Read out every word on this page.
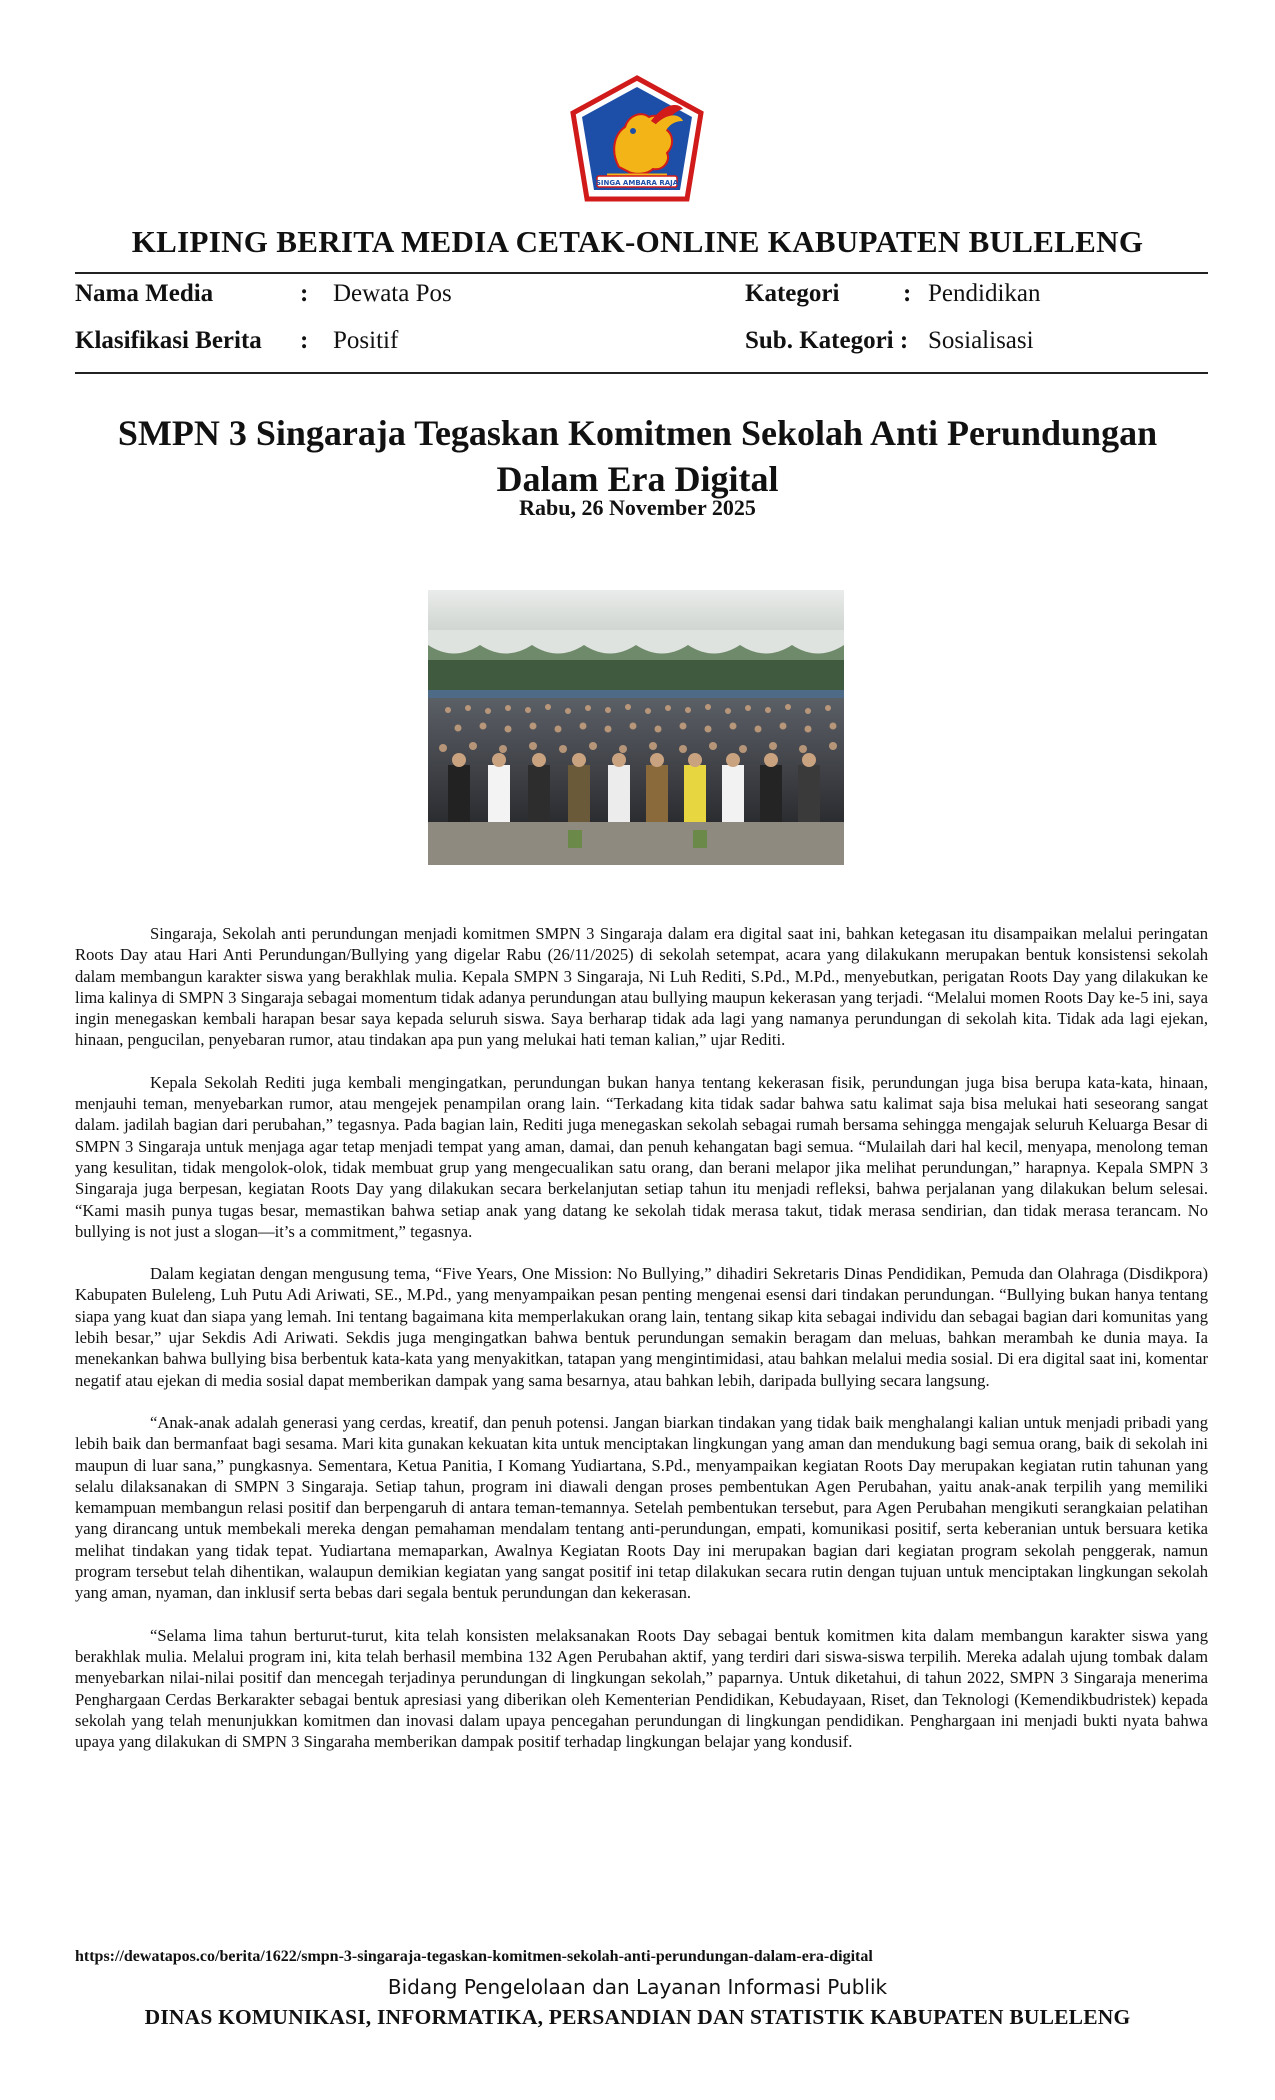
SINGA AMBARA RAJA
KLIPING BERITA MEDIA CETAK-ONLINE KABUPATEN BULELENG
Nama Media	: Dewata Pos
Klasifikasi Berita : Positif
Kategori	: Pendidikan
Sub. Kategori : Sosialisasi
SMPN 3 Singaraja Tegaskan Komitmen Sekolah Anti Perundungan Dalam Era Digital
Rabu, 26 November 2025

Singaraja, Sekolah anti perundungan menjadi komitmen SMPN 3 Singaraja dalam era digital saat ini, bahkan ketegasan itu disampaikan melalui peringatan Roots Day atau Hari Anti Perundungan/Bullying yang digelar Rabu (26/11/2025) di sekolah setempat, acara yang dilakukann merupakan bentuk konsistensi sekolah dalam membangun karakter siswa yang berakhlak mulia. Kepala SMPN 3 Singaraja, Ni Luh Rediti, S.Pd., M.Pd., menyebutkan, perigatan Roots Day yang dilakukan ke lima kalinya di SMPN 3 Singaraja sebagai momentum tidak adanya perundungan atau bullying maupun kekerasan yang terjadi. “Melalui momen Roots Day ke-5 ini, saya ingin menegaskan kembali harapan besar saya kepada seluruh siswa. Saya berharap tidak ada lagi yang namanya perundungan di sekolah kita. Tidak ada lagi ejekan, hinaan, pengucilan, penyebaran rumor, atau tindakan apa pun yang melukai hati teman kalian,” ujar Rediti.

Kepala Sekolah Rediti juga kembali mengingatkan, perundungan bukan hanya tentang kekerasan fisik, perundungan juga bisa berupa kata-kata, hinaan, menjauhi teman, menyebarkan rumor, atau mengejek penampilan orang lain. “Terkadang kita tidak sadar bahwa satu kalimat saja bisa melukai hati seseorang sangat dalam. jadilah bagian dari perubahan,” tegasnya. Pada bagian lain, Rediti juga menegaskan sekolah sebagai rumah bersama sehingga mengajak seluruh Keluarga Besar di SMPN 3 Singaraja untuk menjaga agar tetap menjadi tempat yang aman, damai, dan penuh kehangatan bagi semua. “Mulailah dari hal kecil, menyapa, menolong teman yang kesulitan, tidak mengolok-olok, tidak membuat grup yang mengecualikan satu orang, dan berani melapor jika melihat perundungan,” harapnya. Kepala SMPN 3 Singaraja juga berpesan, kegiatan Roots Day yang dilakukan secara berkelanjutan setiap tahun itu menjadi refleksi, bahwa perjalanan yang dilakukan belum selesai. “Kami masih punya tugas besar, memastikan bahwa setiap anak yang datang ke sekolah tidak merasa takut, tidak merasa sendirian, dan tidak merasa terancam. No bullying is not just a slogan—it’s a commitment,” tegasnya.

Dalam kegiatan dengan mengusung tema, “Five Years, One Mission: No Bullying,” dihadiri Sekretaris Dinas Pendidikan, Pemuda dan Olahraga (Disdikpora) Kabupaten Buleleng, Luh Putu Adi Ariwati, SE., M.Pd., yang menyampaikan pesan penting mengenai esensi dari tindakan perundungan. “Bullying bukan hanya tentang siapa yang kuat dan siapa yang lemah. Ini tentang bagaimana kita memperlakukan orang lain, tentang sikap kita sebagai individu dan sebagai bagian dari komunitas yang lebih besar,” ujar Sekdis Adi Ariwati. Sekdis juga mengingatkan bahwa bentuk perundungan semakin beragam dan meluas, bahkan merambah ke dunia maya. Ia menekankan bahwa bullying bisa berbentuk kata-kata yang menyakitkan, tatapan yang mengintimidasi, atau bahkan melalui media sosial. Di era digital saat ini, komentar negatif atau ejekan di media sosial dapat memberikan dampak yang sama besarnya, atau bahkan lebih, daripada bullying secara langsung.

“Anak-anak adalah generasi yang cerdas, kreatif, dan penuh potensi. Jangan biarkan tindakan yang tidak baik menghalangi kalian untuk menjadi pribadi yang lebih baik dan bermanfaat bagi sesama. Mari kita gunakan kekuatan kita untuk menciptakan lingkungan yang aman dan mendukung bagi semua orang, baik di sekolah ini maupun di luar sana,” pungkasnya. Sementara, Ketua Panitia, I Komang Yudiartana, S.Pd., menyampaikan kegiatan Roots Day merupakan kegiatan rutin tahunan yang selalu dilaksanakan di SMPN 3 Singaraja. Setiap tahun, program ini diawali dengan proses pembentukan Agen Perubahan, yaitu anak-anak terpilih yang memiliki kemampuan membangun relasi positif dan berpengaruh di antara teman-temannya. Setelah pembentukan tersebut, para Agen Perubahan mengikuti serangkaian pelatihan yang dirancang untuk membekali mereka dengan pemahaman mendalam tentang anti-perundungan, empati, komunikasi positif, serta keberanian untuk bersuara ketika melihat tindakan yang tidak tepat. Yudiartana memaparkan, Awalnya Kegiatan Roots Day ini merupakan bagian dari kegiatan program sekolah penggerak, namun program tersebut telah dihentikan, walaupun demikian kegiatan yang sangat positif ini tetap dilakukan secara rutin dengan tujuan untuk menciptakan lingkungan sekolah yang aman, nyaman, dan inklusif serta bebas dari segala bentuk perundungan dan kekerasan.

“Selama lima tahun berturut-turut, kita telah konsisten melaksanakan Roots Day sebagai bentuk komitmen kita dalam membangun karakter siswa yang berakhlak mulia. Melalui program ini, kita telah berhasil membina 132 Agen Perubahan aktif, yang terdiri dari siswa-siswa terpilih. Mereka adalah ujung tombak dalam menyebarkan nilai-nilai positif dan mencegah terjadinya perundungan di lingkungan sekolah,” paparnya. Untuk diketahui, di tahun 2022, SMPN 3 Singaraja menerima Penghargaan Cerdas Berkarakter sebagai bentuk apresiasi yang diberikan oleh Kementerian Pendidikan, Kebudayaan, Riset, dan Teknologi (Kemendikbudristek) kepada sekolah yang telah menunjukkan komitmen dan inovasi dalam upaya pencegahan perundungan di lingkungan pendidikan. Penghargaan ini menjadi bukti nyata bahwa upaya yang dilakukan di SMPN 3 Singaraha memberikan dampak positif terhadap lingkungan belajar yang kondusif.

https://dewatapos.co/berita/1622/smpn-3-singaraja-tegaskan-komitmen-sekolah-anti-perundungan-dalam-era-digital
Bidang Pengelolaan dan Layanan Informasi Publik
DINAS KOMUNIKASI, INFORMATIKA, PERSANDIAN DAN STATISTIK KABUPATEN BULELENG
